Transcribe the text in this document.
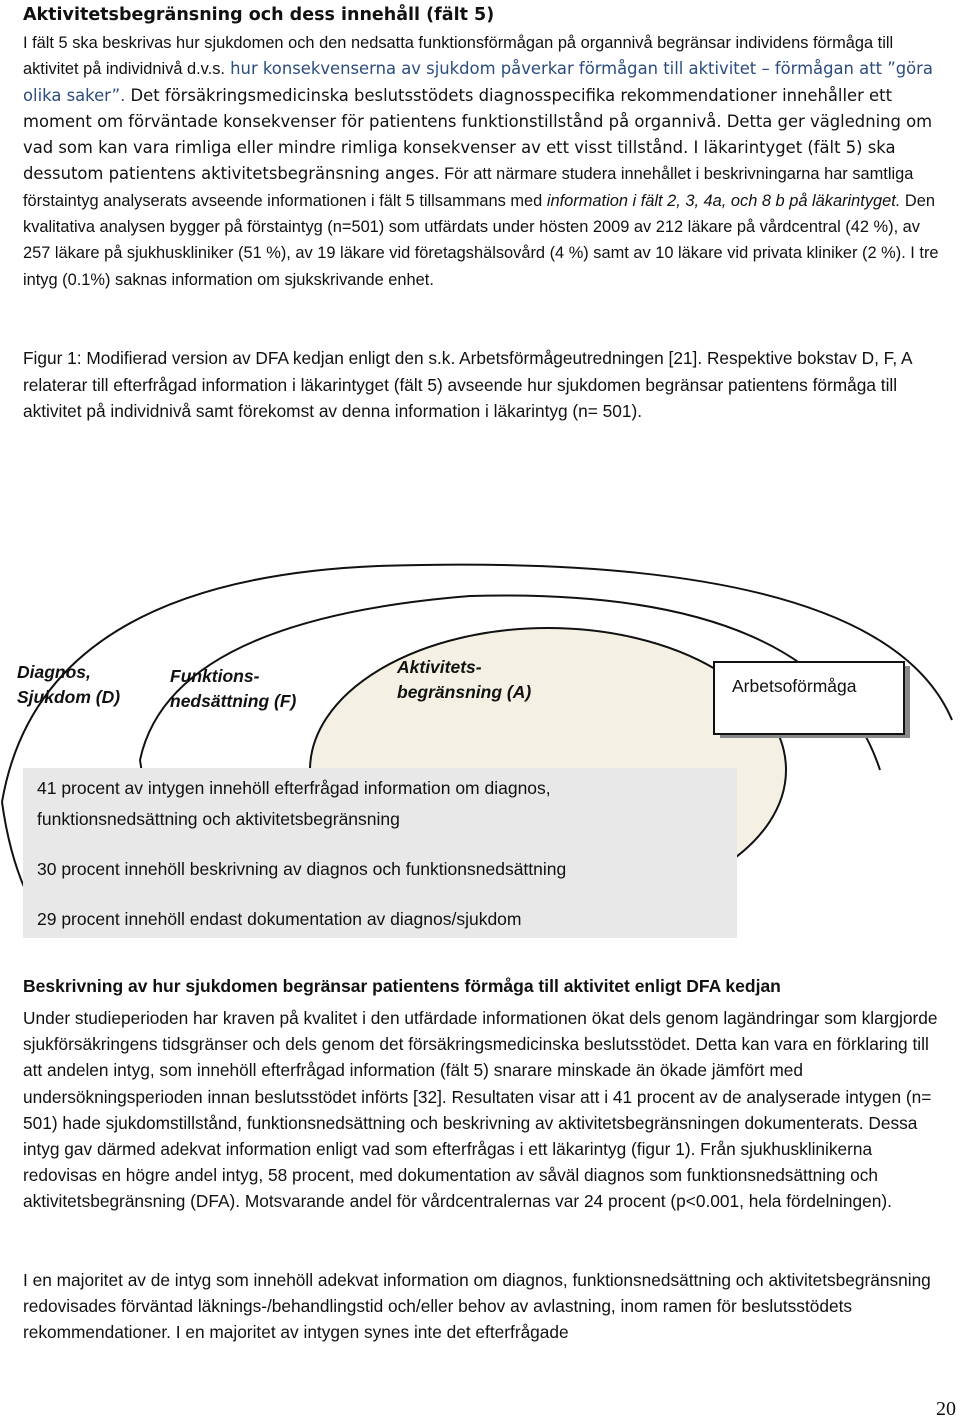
Aktivitetsbegränsning och dess innehåll (fält 5)
I fält 5 ska beskrivas hur sjukdomen och den nedsatta funktionsförmågan på organnivå begränsar individens förmåga till aktivitet på individnivå d.v.s. hur konsekvenserna av sjukdom påverkar förmågan till aktivitet – förmågan att ”göra olika saker”. Det försäkringsmedicinska beslutsstödets diagnosspecifika rekommendationer innehåller ett moment om förväntade konsekvenser för patientens funktionstillstånd på organnivå. Detta ger vägledning om vad som kan vara rimliga eller mindre rimliga konsekvenser av ett visst tillstånd. I läkarintyget (fält 5) ska dessutom patientens aktivitetsbegränsning anges. För att närmare studera innehållet i beskrivningarna har samtliga förstaintyg analyserats avseende informationen i fält 5 tillsammans med information i fält 2, 3, 4a, och 8 b på läkarintyget. Den kvalitativa analysen bygger på förstaintyg (n=501) som utfärdats under hösten 2009 av 212 läkare på vårdcentral (42 %), av 257 läkare på sjukhuskliniker (51 %), av 19 läkare vid företagshälsovård (4 %) samt av 10 läkare vid privata kliniker (2 %). I tre intyg (0.1%) saknas information om sjukskrivande enhet.

Figur 1: Modifierad version av DFA kedjan enligt den s.k. Arbetsförmågeutredningen [21]. Respektive bokstav D, F, A relaterar till efterfrågad information i läkarintyget (fält 5) avseende hur sjukdomen begränsar patientens förmåga till aktivitet på individnivå samt förekomst av denna information i läkarintyg (n= 501).

Diagnos,
Sjukdom (D)
Funktions-
nedsättning (F)
Aktivitets-
begränsning (A)	Arbetsoförmåga
41 procent av intygen innehöll efterfrågad information om diagnos,
funktionsnedsättning och aktivitetsbegränsning
30 procent innehöll beskrivning av diagnos och funktionsnedsättning
29 procent innehöll endast dokumentation av diagnos/sjukdom
Beskrivning av hur sjukdomen begränsar patientens förmåga till aktivitet enligt DFA kedjan

Under studieperioden har kraven på kvalitet i den utfärdade informationen ökat dels genom lagändringar som klargjorde sjukförsäkringens tidsgränser och dels genom det försäkringsmedicinska beslutsstödet. Detta kan vara en förklaring till att andelen intyg, som innehöll efterfrågad information (fält 5) snarare minskade än ökade jämfört med undersökningsperioden innan beslutsstödet införts [32]. Resultaten visar att i 41 procent av de analyserade intygen (n= 501) hade sjukdomstillstånd, funktionsnedsättning och beskrivning av aktivitetsbegränsningen dokumenterats. Dessa intyg gav därmed adekvat information enligt vad som efterfrågas i ett läkarintyg (figur 1). Från sjukhusklinikerna redovisas en högre andel intyg, 58 procent, med dokumentation av såväl diagnos som funktionsnedsättning och aktivitetsbegränsning (DFA). Motsvarande andel för vårdcentralernas var 24 procent (p<0.001, hela fördelningen).

I en majoritet av de intyg som innehöll adekvat information om diagnos, funktionsnedsättning och aktivitetsbegränsning redovisades förväntad läknings-/behandlingstid och/eller behov av avlastning, inom ramen för beslutsstödets rekommendationer. I en majoritet av intygen synes inte det efterfrågade

20
